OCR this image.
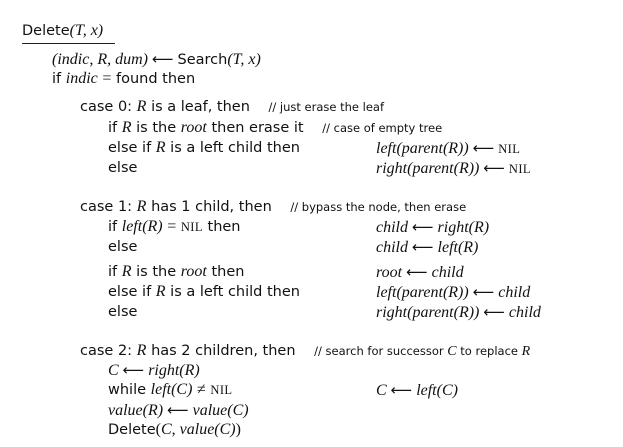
Delete(T, x)
(indic, R, dum) ⟵ Search(T, x)
if indic = found then
case 0: R is a leaf, then // just erase the leaf
if R is the root then erase it // case of empty tree
else if R is a left child then	left(parent(R)) ⟵ NIL
else	right(parent(R)) ⟵ NIL
case 1: R has 1 child, then // bypass the node, then erase
if left(R) = NIL then	child ⟵ right(R)
else	child ⟵ left(R)
if R is the root then	root ⟵ child
else if R is a left child then	left(parent(R)) ⟵ child
else	right(parent(R)) ⟵ child
case 2: R has 2 children, then // search for successor C to replace R
C ⟵ right(R)
while left(C) ≠ NIL	C ⟵ left(C)
value(R) ⟵ value(C)
Delete(C, value(C))
